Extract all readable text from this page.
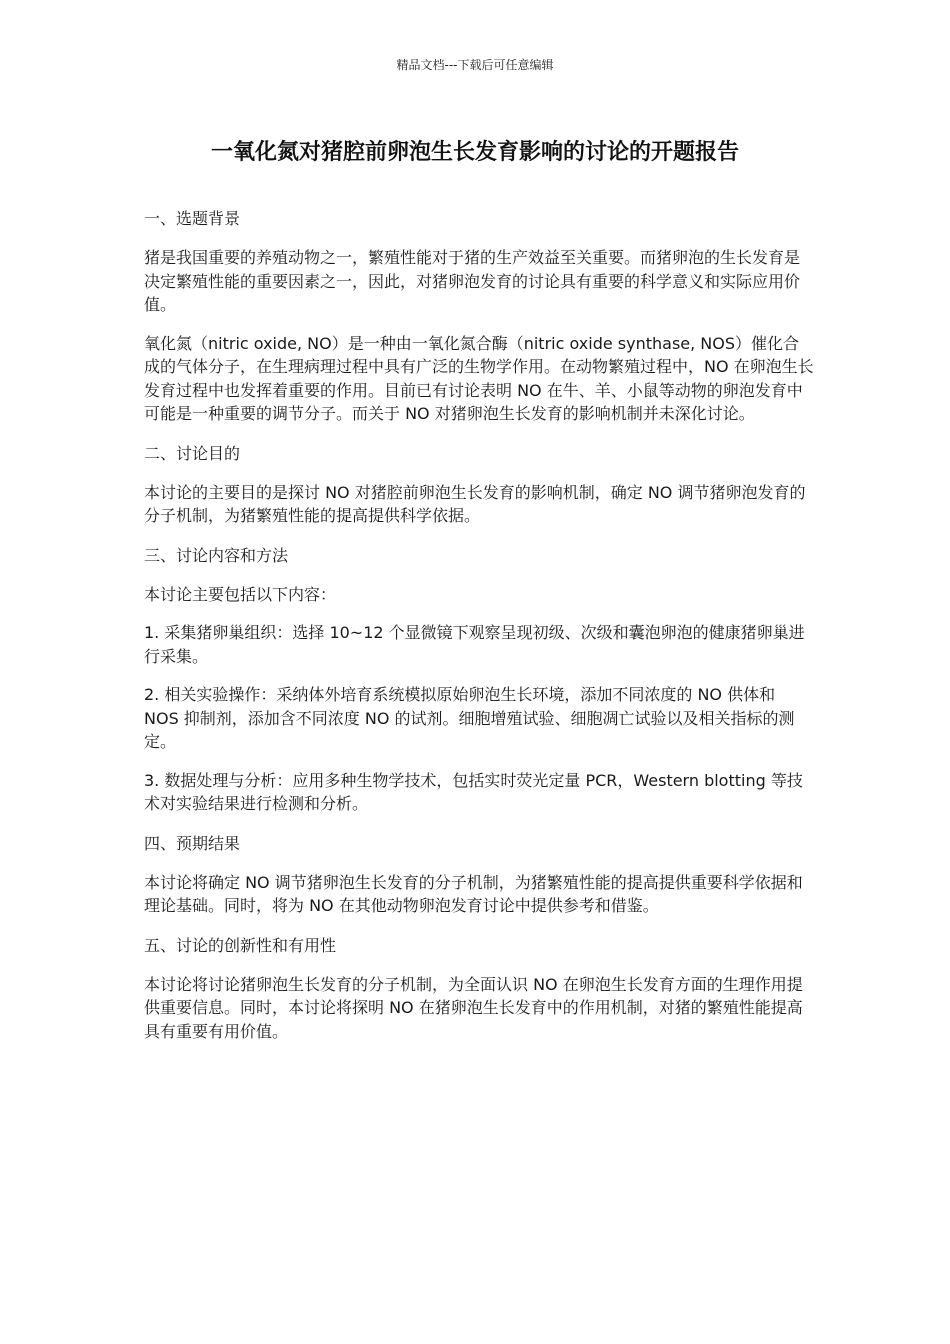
精品文档---下载后可任意编辑
一氧化氮对猪腔前卵泡生长发育影响的讨论的开题报告
一、选题背景

猪是我国重要的养殖动物之一，繁殖性能对于猪的生产效益至关重要。而猪卵泡的生长发育是决定繁殖性能的重要因素之一，因此，对猪卵泡发育的讨论具有重要的科学意义和实际应用价值。

氧化氮（nitric oxide, NO）是一种由一氧化氮合酶（nitric oxide synthase, NOS）催化合成的气体分子，在生理病理过程中具有广泛的生物学作用。在动物繁殖过程中，NO 在卵泡生长发育过程中也发挥着重要的作用。目前已有讨论表明 NO 在牛、羊、小鼠等动物的卵泡发育中可能是一种重要的调节分子。而关于 NO 对猪卵泡生长发育的影响机制并未深化讨论。

二、讨论目的

本讨论的主要目的是探讨 NO 对猪腔前卵泡生长发育的影响机制，确定 NO 调节猪卵泡发育的分子机制，为猪繁殖性能的提高提供科学依据。

三、讨论内容和方法

本讨论主要包括以下内容：

1. 采集猪卵巢组织：选择 10~12 个显微镜下观察呈现初级、次级和囊泡卵泡的健康猪卵巢进行采集。

2. 相关实验操作：采纳体外培育系统模拟原始卵泡生长环境，添加不同浓度的 NO 供体和 NOS 抑制剂，添加含不同浓度 NO 的试剂。细胞增殖试验、细胞凋亡试验以及相关指标的测定。

3. 数据处理与分析：应用多种生物学技术，包括实时荧光定量 PCR，Western blotting 等技术对实验结果进行检测和分析。

四、预期结果

本讨论将确定 NO 调节猪卵泡生长发育的分子机制，为猪繁殖性能的提高提供重要科学依据和理论基础。同时，将为 NO 在其他动物卵泡发育讨论中提供参考和借鉴。

五、讨论的创新性和有用性

本讨论将讨论猪卵泡生长发育的分子机制，为全面认识 NO 在卵泡生长发育方面的生理作用提供重要信息。同时，本讨论将探明 NO 在猪卵泡生长发育中的作用机制，对猪的繁殖性能提高具有重要有用价值。
